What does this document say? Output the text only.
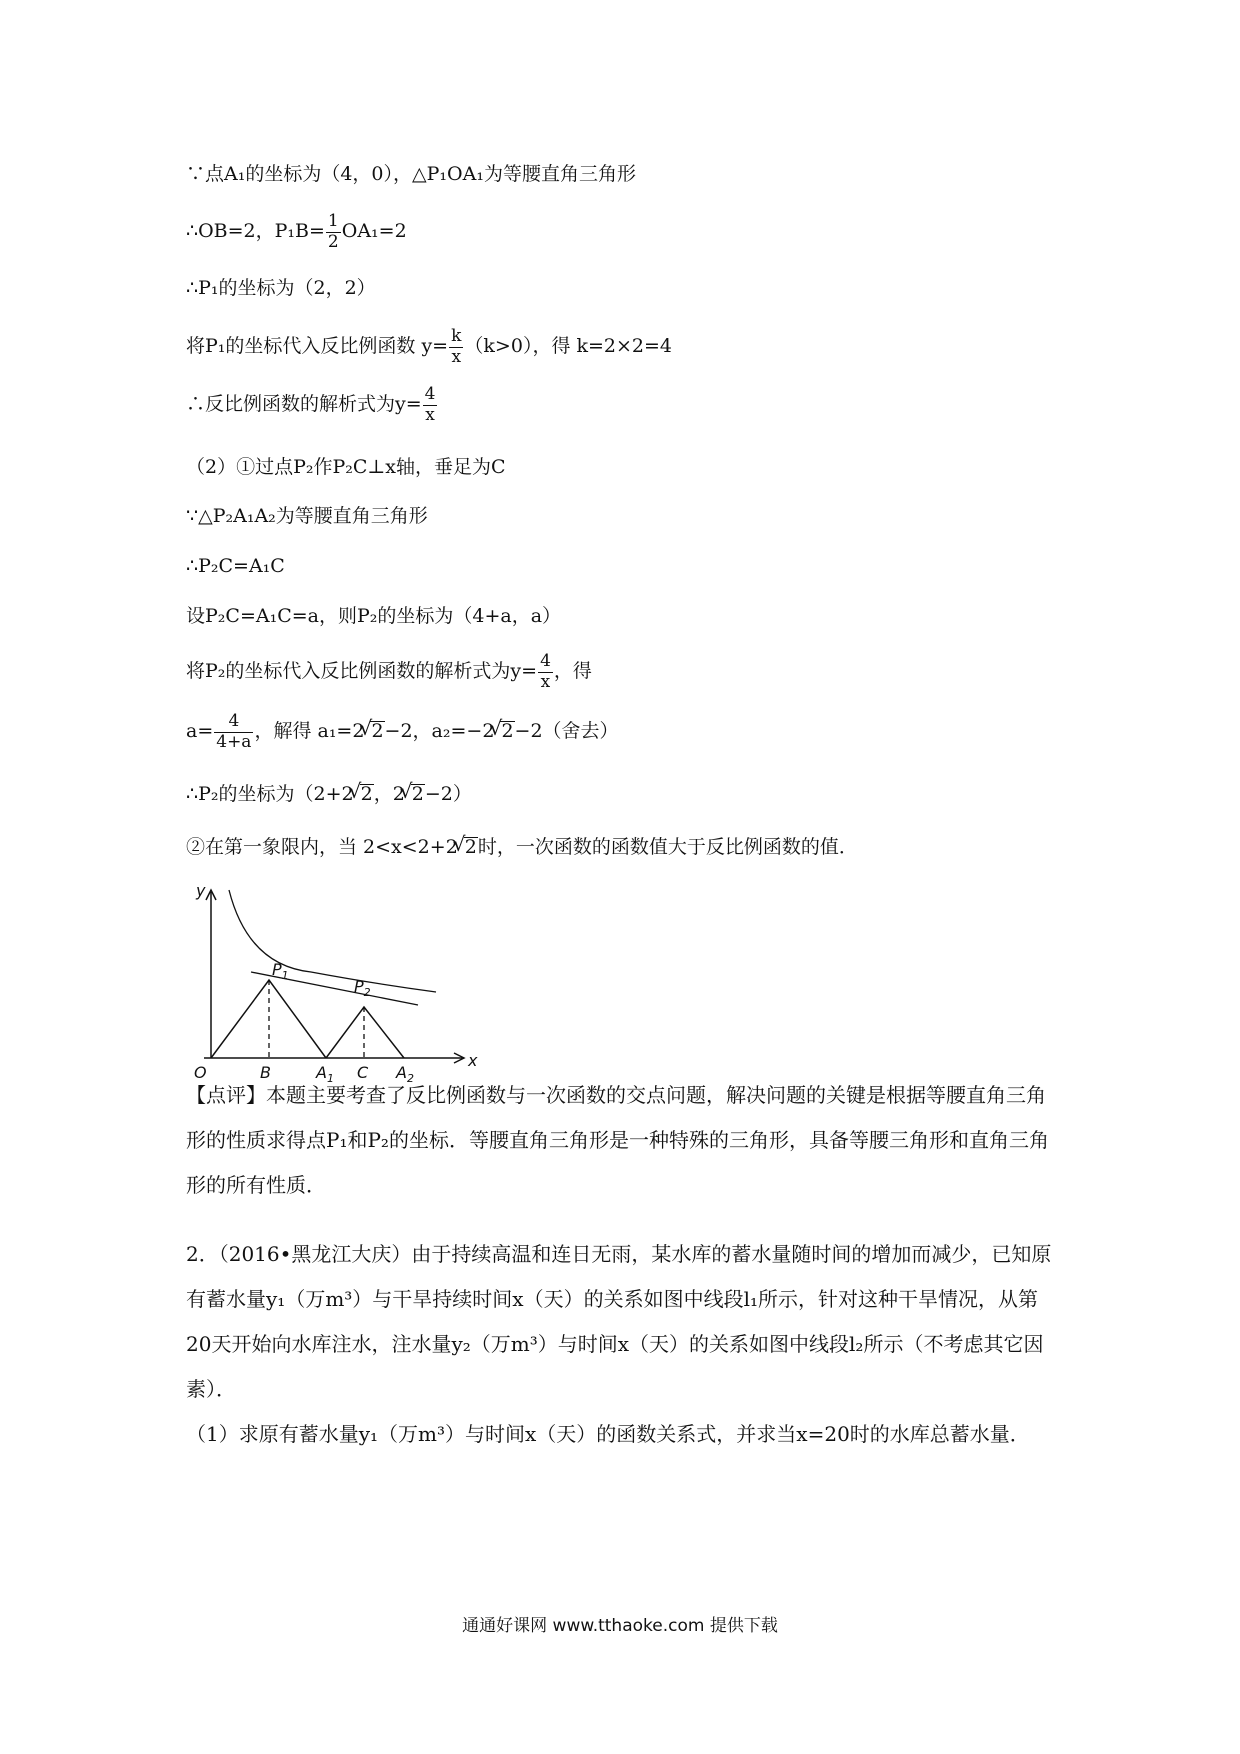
∵点A₁的坐标为（4，0），△P₁OA₁为等腰直角三角形
∴OB=2，$P_1B= \frac{1}{2} OA_1=2$
∴P₁的坐标为（2，2）
将P₁的坐标代入反比例函数 $y= \frac{k}{x} (k>0)$，得 k=2×2=4
∴反比例函数的解析式为$y= \frac{4}{x}$
（2）①过点P₂作P₂C⊥x轴，垂足为C
∵△P₂A₁A₂为等腰直角三角形
∴P₂C=A₁C
设P₂C=A₁C=a，则P₂的坐标为（4+a，a）
将P₂的坐标代入反比例函数的解析式为$y= \frac{4}{x}$ ，得
$a= \frac{4}{4+a}$ ，解得 a₁=2 √ 2−2，a₂=−2 √ 2−2（舍去）
∴P₂的坐标为（2+2 √ 2，2 √ 2−2）
②在第一象限内，当 2<x<2+2 √ 2时，一次函数的函数值大于反比例函数的值．
y
x
O
$P_1$
$P_2$
B	$A_1$ C $A_2$
【点评】本题主要考查了反比例函数与一次函数的交点问题，解决问题的关键是根据等腰直角三角形的性质求得点P₁和P₂的坐标．等腰直角三角形是一种特殊的三角形，具备等腰三角形和直角三角形的所有性质．
2．（2016•黑龙江大庆）由于持续高温和连日无雨，某水库的蓄水量随时间的增加而减少，已知原有蓄水量y₁（万m³）与干旱持续时间x（天）的关系如图中线段l₁所示，针对这种干旱情况，从第20天开始向水库注水，注水量y₂（万m³）与时间x（天）的关系如图中线段l₂所示（不考虑其它因素）．
（1）求原有蓄水量y₁（万m³）与时间x（天）的函数关系式，并求当x=20时的水库总蓄水量．
通通好课网 www.tthaoke.com 提供下载
